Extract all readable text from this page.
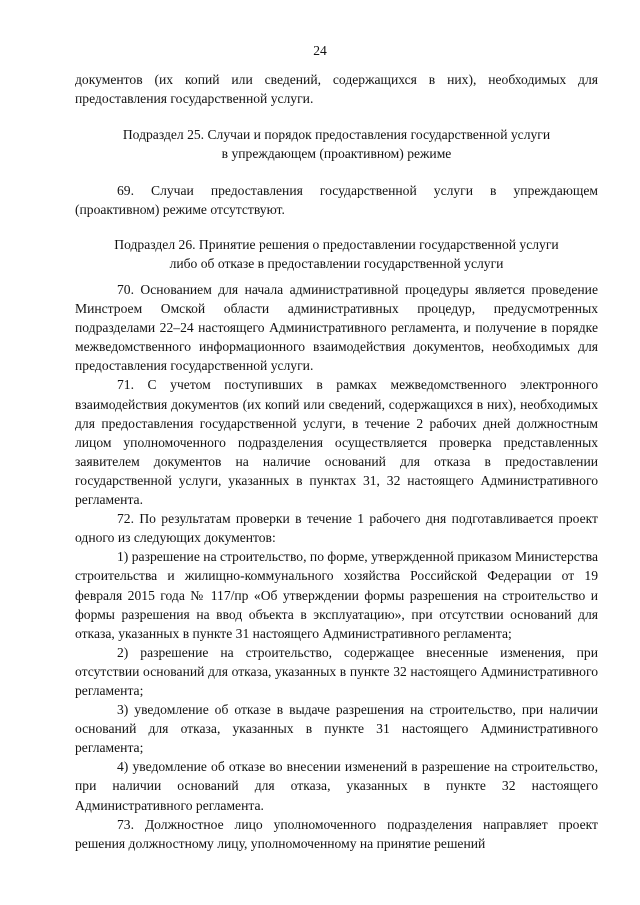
24

документов (их копий или сведений, содержащихся в них), необходимых для предоставления государственной услуги.

Подраздел 25. Случаи и порядок предоставления государственной услуги
в упреждающем (проактивном) режиме

69. Случаи предоставления государственной услуги в упреждающем (проактивном) режиме отсутствуют.

Подраздел 26. Принятие решения о предоставлении государственной услуги
либо об отказе в предоставлении государственной услуги

70. Основанием для начала административной процедуры является проведение Минстроем Омской области административных процедур, предусмотренных подразделами 22–24 настоящего Административного регламента, и получение в порядке межведомственного информационного взаимодействия документов, необходимых для предоставления государственной услуги.

71. С учетом поступивших в рамках межведомственного электронного взаимодействия документов (их копий или сведений, содержащихся в них), необходимых для предоставления государственной услуги, в течение 2 рабочих дней должностным лицом уполномоченного подразделения осуществляется проверка представленных заявителем документов на наличие оснований для отказа в предоставлении государственной услуги, указанных в пунктах 31, 32 настоящего Административного регламента.

72. По результатам проверки в течение 1 рабочего дня подготавливается проект одного из следующих документов:

1) разрешение на строительство, по форме, утвержденной приказом Министерства строительства и жилищно-коммунального хозяйства Российской Федерации от 19 февраля 2015 года № 117/пр «Об утверждении формы разрешения на строительство и формы разрешения на ввод объекта в эксплуатацию», при отсутствии оснований для отказа, указанных в пункте 31 настоящего Административного регламента;

2) разрешение на строительство, содержащее внесенные изменения, при отсутствии оснований для отказа, указанных в пункте 32 настоящего Административного регламента;

3) уведомление об отказе в выдаче разрешения на строительство, при наличии оснований для отказа, указанных в пункте 31 настоящего Административного регламента;

4) уведомление об отказе во внесении изменений в разрешение на строительство, при наличии оснований для отказа, указанных в пункте 32 настоящего Административного регламента.

73. Должностное лицо уполномоченного подразделения направляет проект решения должностному лицу, уполномоченному на принятие решений
